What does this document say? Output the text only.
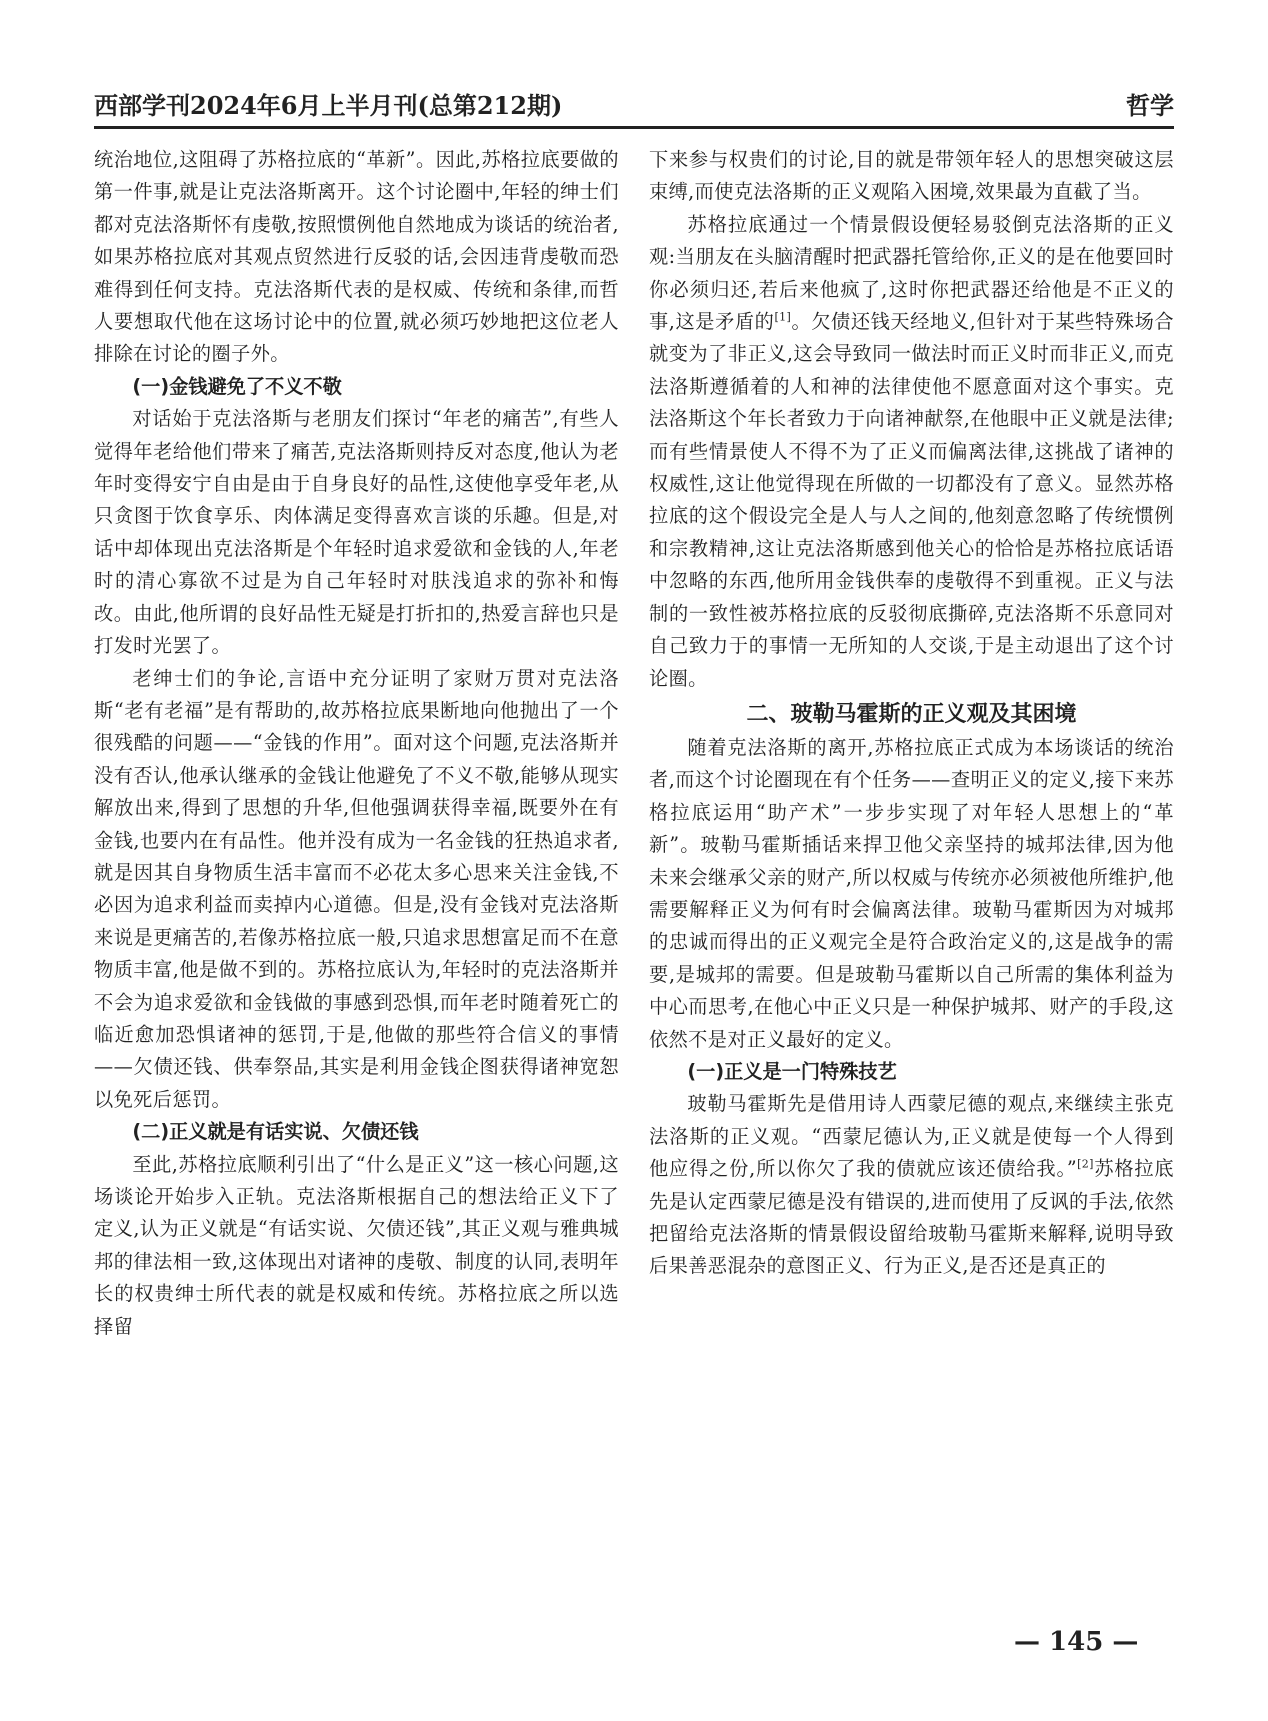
西部学刊2024年6月上半月刊(总第212期)	哲学

统治地位,这阻碍了苏格拉底的“革新”。因此,苏格拉底要做的第一件事,就是让克法洛斯离开。这个讨论圈中,年轻的绅士们都对克法洛斯怀有虔敬,按照惯例他自然地成为谈话的统治者,如果苏格拉底对其观点贸然进行反驳的话,会因违背虔敬而恐难得到任何支持。克法洛斯代表的是权威、传统和条律,而哲人要想取代他在这场讨论中的位置,就必须巧妙地把这位老人排除在讨论的圈子外。

(一)金钱避免了不义不敬

对话始于克法洛斯与老朋友们探讨“年老的痛苦”,有些人觉得年老给他们带来了痛苦,克法洛斯则持反对态度,他认为老年时变得安宁自由是由于自身良好的品性,这使他享受年老,从只贪图于饮食享乐、肉体满足变得喜欢言谈的乐趣。但是,对话中却体现出克法洛斯是个年轻时追求爱欲和金钱的人,年老时的清心寡欲不过是为自己年轻时对肤浅追求的弥补和悔改。由此,他所谓的良好品性无疑是打折扣的,热爱言辞也只是打发时光罢了。

老绅士们的争论,言语中充分证明了家财万贯对克法洛斯“老有老福”是有帮助的,故苏格拉底果断地向他抛出了一个很残酷的问题——“金钱的作用”。面对这个问题,克法洛斯并没有否认,他承认继承的金钱让他避免了不义不敬,能够从现实解放出来,得到了思想的升华,但他强调获得幸福,既要外在有金钱,也要内在有品性。他并没有成为一名金钱的狂热追求者,就是因其自身物质生活丰富而不必花太多心思来关注金钱,不必因为追求利益而卖掉内心道德。但是,没有金钱对克法洛斯来说是更痛苦的,若像苏格拉底一般,只追求思想富足而不在意物质丰富,他是做不到的。苏格拉底认为,年轻时的克法洛斯并不会为追求爱欲和金钱做的事感到恐惧,而年老时随着死亡的临近愈加恐惧诸神的惩罚,于是,他做的那些符合信义的事情——欠债还钱、供奉祭品,其实是利用金钱企图获得诸神宽恕以免死后惩罚。

(二)正义就是有话实说、欠债还钱

至此,苏格拉底顺利引出了“什么是正义”这一核心问题,这场谈论开始步入正轨。克法洛斯根据自己的想法给正义下了定义,认为正义就是“有话实说、欠债还钱”,其正义观与雅典城邦的律法相一致,这体现出对诸神的虔敬、制度的认同,表明年长的权贵绅士所代表的就是权威和传统。苏格拉底之所以选择留

下来参与权贵们的讨论,目的就是带领年轻人的思想突破这层束缚,而使克法洛斯的正义观陷入困境,效果最为直截了当。

苏格拉底通过一个情景假设便轻易驳倒克法洛斯的正义观:当朋友在头脑清醒时把武器托管给你,正义的是在他要回时你必须归还,若后来他疯了,这时你把武器还给他是不正义的事,这是矛盾的[1]。欠债还钱天经地义,但针对于某些特殊场合就变为了非正义,这会导致同一做法时而正义时而非正义,而克法洛斯遵循着的人和神的法律使他不愿意面对这个事实。克法洛斯这个年长者致力于向诸神献祭,在他眼中正义就是法律;而有些情景使人不得不为了正义而偏离法律,这挑战了诸神的权威性,这让他觉得现在所做的一切都没有了意义。显然苏格拉底的这个假设完全是人与人之间的,他刻意忽略了传统惯例和宗教精神,这让克法洛斯感到他关心的恰恰是苏格拉底话语中忽略的东西,他所用金钱供奉的虔敬得不到重视。正义与法制的一致性被苏格拉底的反驳彻底撕碎,克法洛斯不乐意同对自己致力于的事情一无所知的人交谈,于是主动退出了这个讨论圈。

二、玻勒马霍斯的正义观及其困境

随着克法洛斯的离开,苏格拉底正式成为本场谈话的统治者,而这个讨论圈现在有个任务——查明正义的定义,接下来苏格拉底运用“助产术”一步步实现了对年轻人思想上的“革新”。玻勒马霍斯插话来捍卫他父亲坚持的城邦法律,因为他未来会继承父亲的财产,所以权威与传统亦必须被他所维护,他需要解释正义为何有时会偏离法律。玻勒马霍斯因为对城邦的忠诚而得出的正义观完全是符合政治定义的,这是战争的需要,是城邦的需要。但是玻勒马霍斯以自己所需的集体利益为中心而思考,在他心中正义只是一种保护城邦、财产的手段,这依然不是对正义最好的定义。

(一)正义是一门特殊技艺

玻勒马霍斯先是借用诗人西蒙尼德的观点,来继续主张克法洛斯的正义观。“西蒙尼德认为,正义就是使每一个人得到他应得之份,所以你欠了我的债就应该还债给我。”[2]苏格拉底先是认定西蒙尼德是没有错误的,进而使用了反讽的手法,依然把留给克法洛斯的情景假设留给玻勒马霍斯来解释,说明导致后果善恶混杂的意图正义、行为正义,是否还是真正的

— 145 —
